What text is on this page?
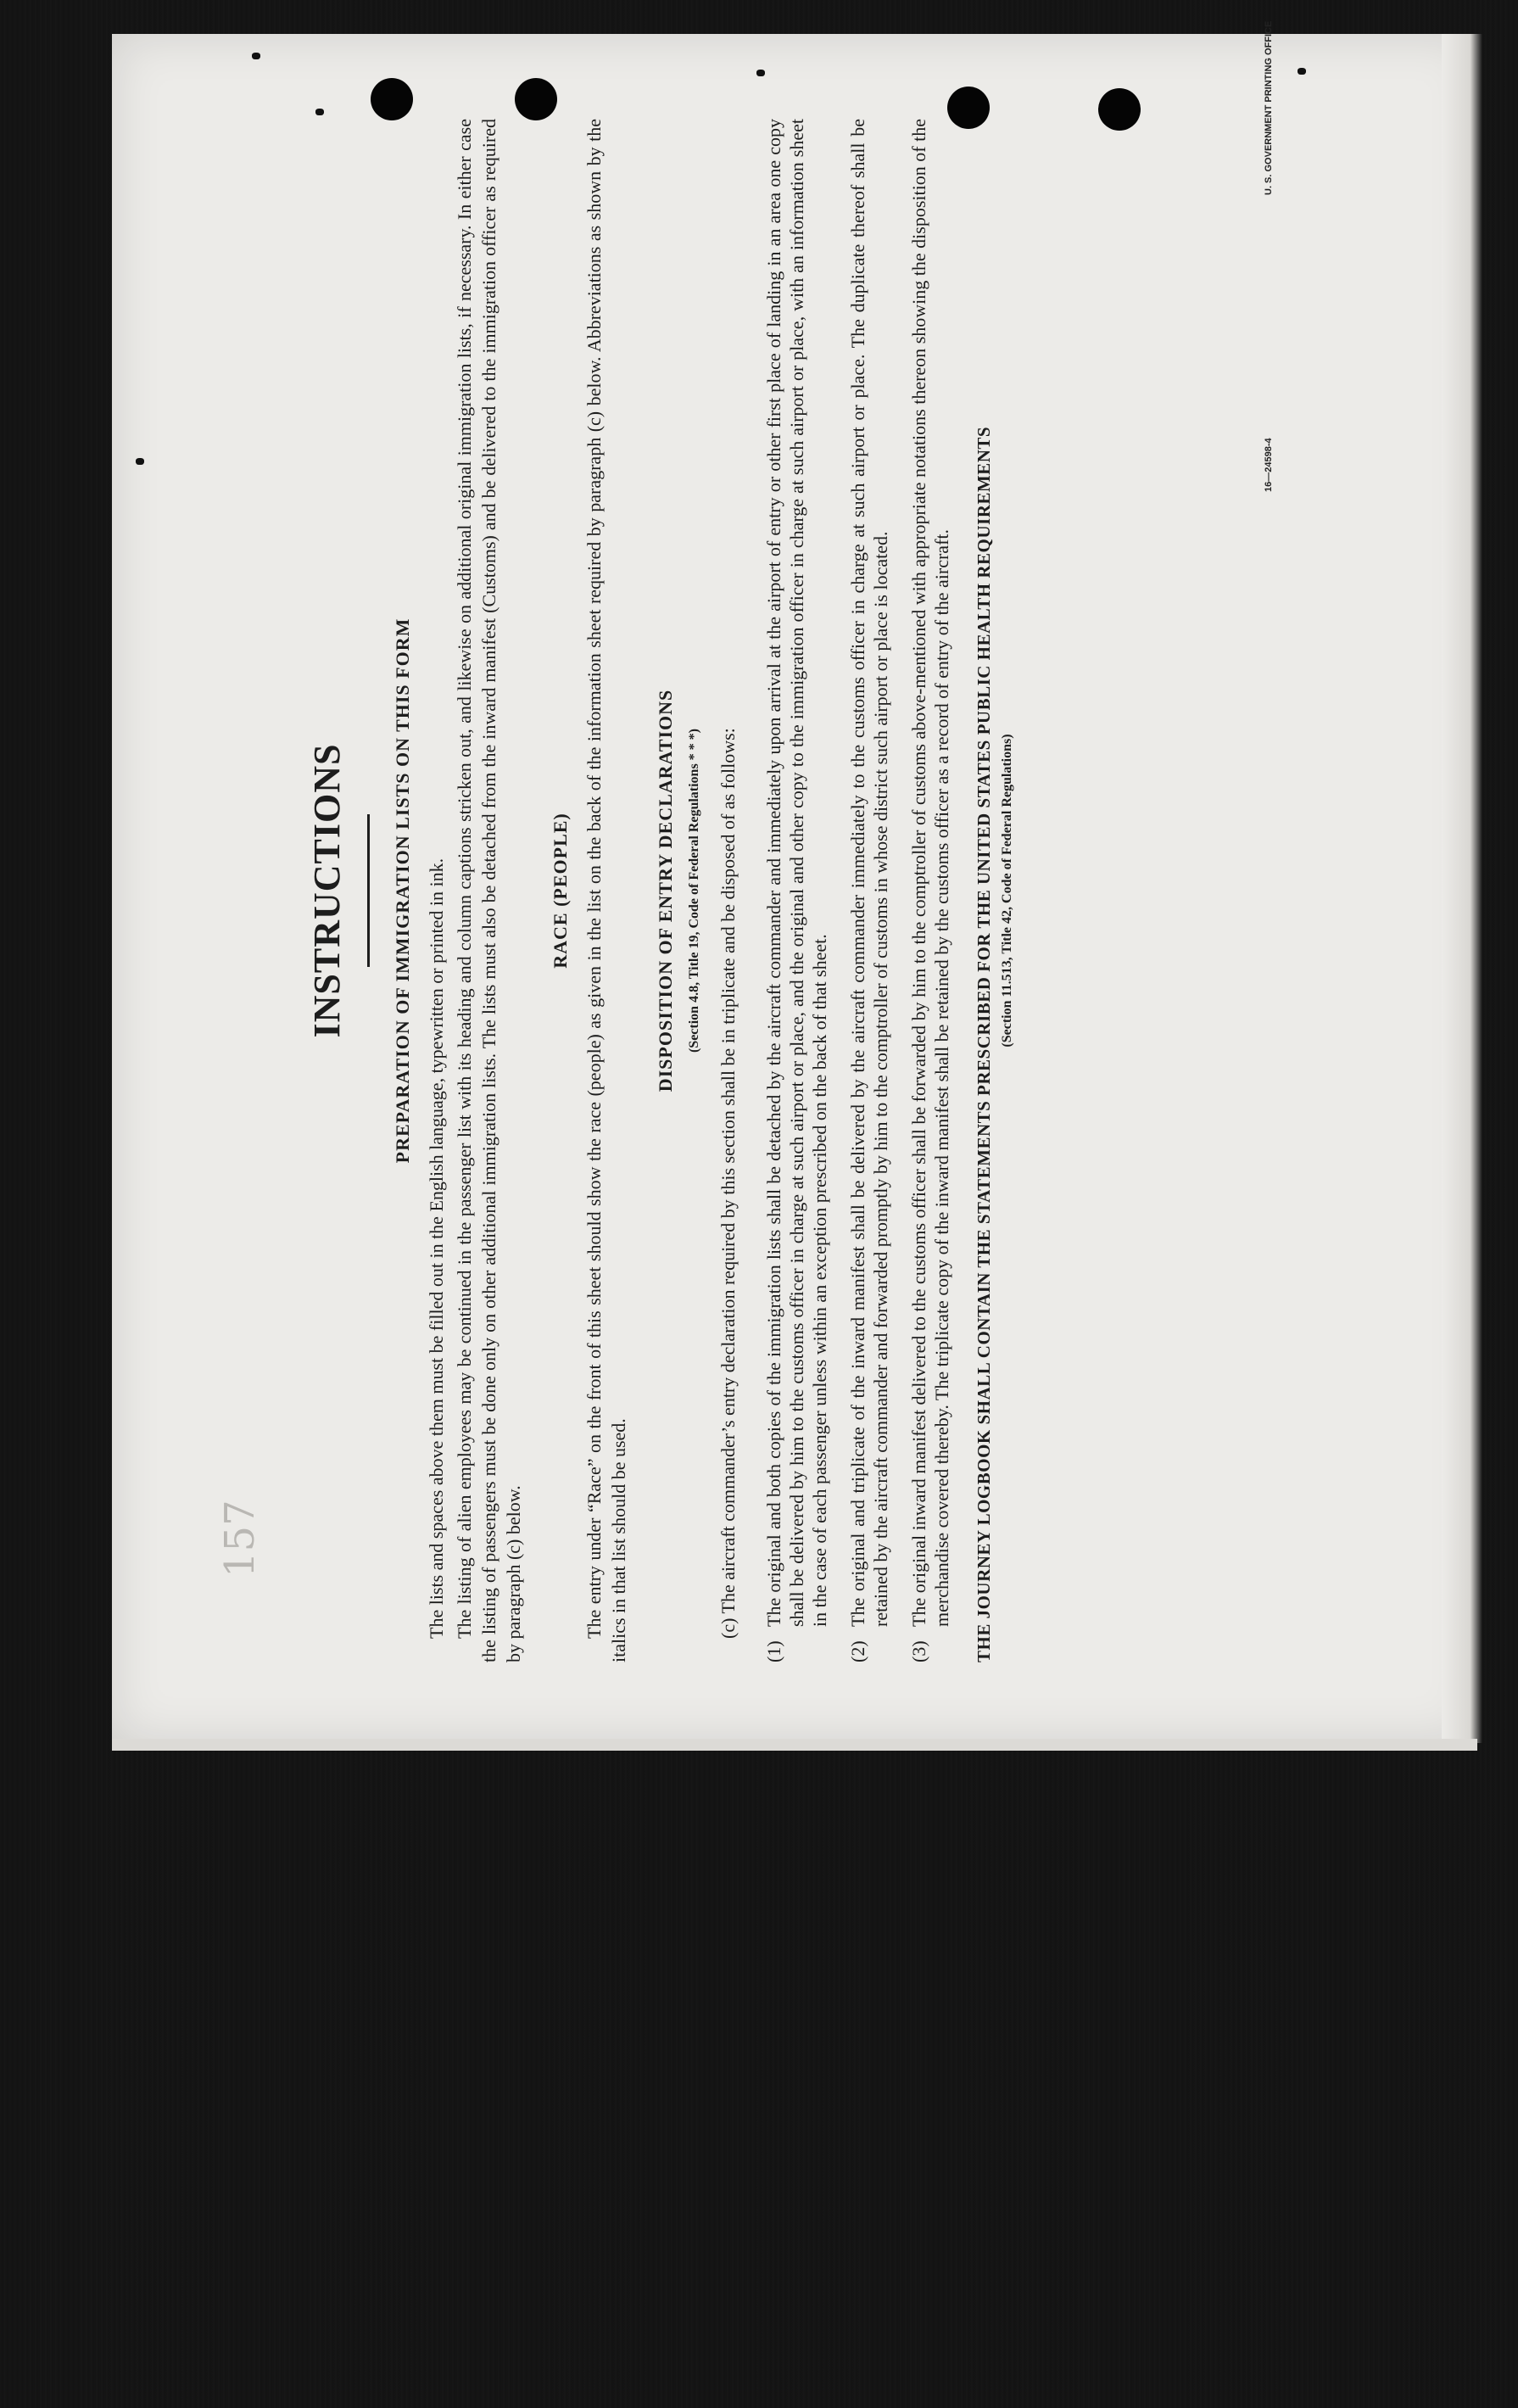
157
INSTRUCTIONS PREPARATION OF IMMIGRATION LISTS ON THIS FORM The lists and spaces above them must be filled out in the English language, typewritten or printed in ink. The listing of alien employees may be continued in the passenger list with its heading and column captions stricken out, and likewise on additional original immigration lists, if necessary. In either case the listing of passengers must be done only on other additional immigration lists. The lists must also be detached from the inward manifest (Customs) and be delivered to the immigration officer as required by paragraph (c) below.

RACE (PEOPLE) The entry under “Race” on the front of this sheet should show the race (people) as given in the list on the back of the information sheet required by paragraph (c) below. Abbreviations as shown by the italics in that list should be used.

DISPOSITION OF ENTRY DECLARATIONS (Section 4.8, Title 19, Code of Federal Regulations * * *) (c) The aircraft commander’s entry declaration required by this section shall be in triplicate and be disposed of as follows:

(1)The original and both copies of the immigration lists shall be detached by the aircraft commander and immediately upon arrival at the airport of entry or other first place of landing in an area one copy shall be delivered by him to the customs officer in charge at such airport or place, and the original and other copy to the immigration officer in charge at such airport or place, with an information sheet in the case of each passenger unless within an exception prescribed on the back of that sheet.
(2)The original and triplicate of the inward manifest shall be delivered by the aircraft commander immediately to the customs officer in charge at such airport or place. The duplicate thereof shall be retained by the aircraft commander and forwarded promptly by him to the comptroller of customs in whose district such airport or place is located.
(3)The original inward manifest delivered to the customs officer shall be forwarded by him to the comptroller of customs above-mentioned with appropriate notations thereon showing the disposition of the merchandise covered thereby. The triplicate copy of the inward manifest shall be retained by the customs officer as a record of entry of the aircraft. THE JOURNEY LOGBOOK SHALL CONTAIN THE STATEMENTS PRESCRIBED FOR THE UNITED STATES PUBLIC HEALTH REQUIREMENTS (Section 11.513, Title 42, Code of Federal Regulations)
16—24598-4
U. S. GOVERNMENT PRINTING OFFICE
